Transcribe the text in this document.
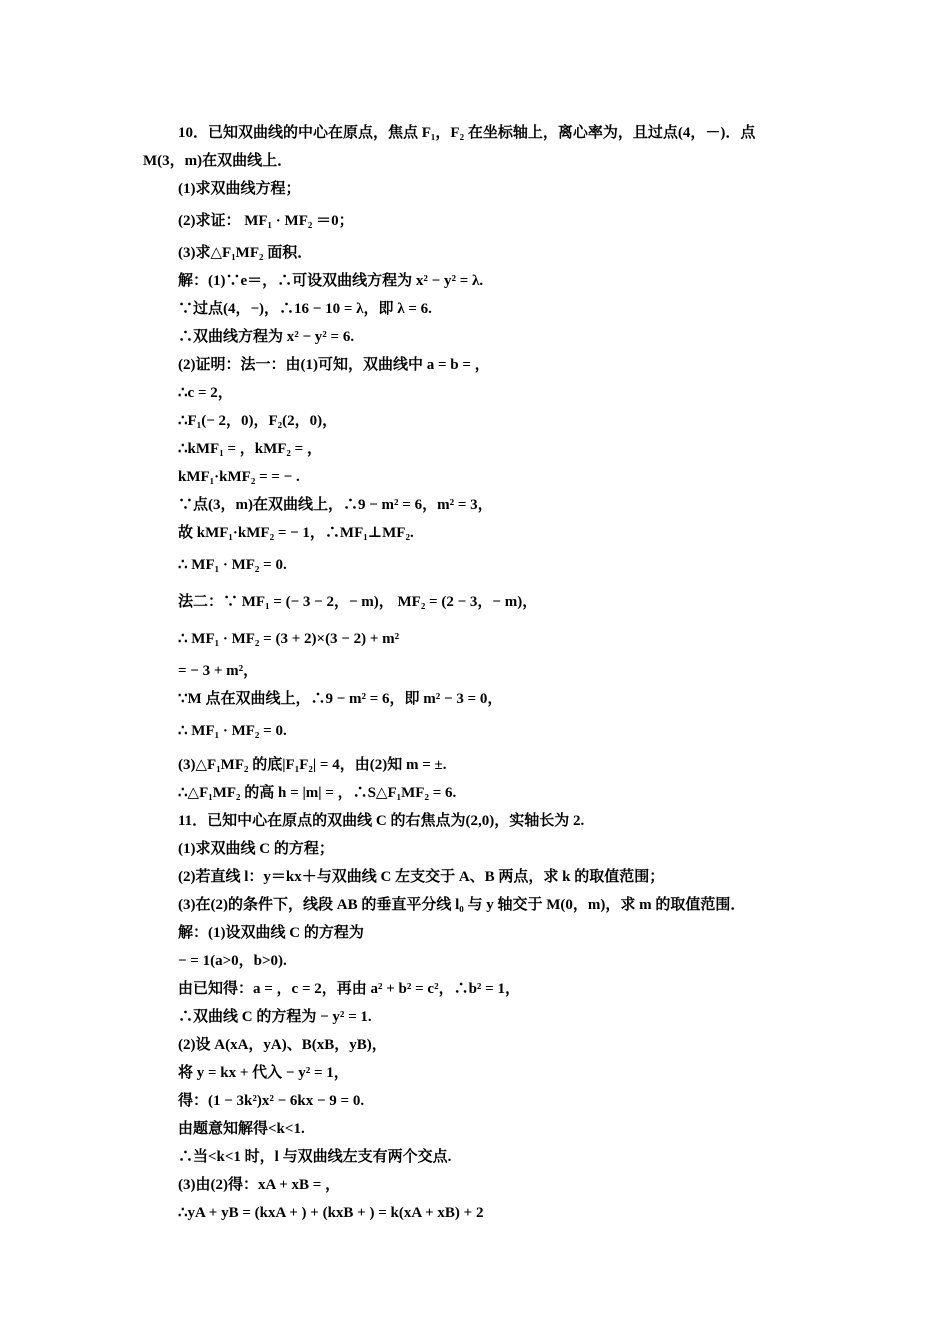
10．已知双曲线的中心在原点，焦点 F₁，F₂ 在坐标轴上，离心率为，且过点(4，－)．点
M(3，m)在双曲线上．
(1)求双曲线方程；
(2)求证： MF₁ · MF₂ ＝0；
(3)求△F₁MF₂ 面积．
解：(1)∵e＝，∴可设双曲线方程为 x² − y² = λ.
∵过点(4，−)，∴16 − 10 = λ，即 λ = 6.
∴双曲线方程为 x² − y² = 6.
(2)证明：法一：由(1)可知，双曲线中 a = b = ，
∴c = 2，
∴F₁(− 2，0)，F₂(2，0)，
∴kMF₁ = ，kMF₂ = ，
kMF₁·kMF₂ = = − .
∵点(3，m)在双曲线上，∴9 − m² = 6，m² = 3，
故 kMF₁·kMF₂ = − 1，∴MF₁⊥MF₂.
∴ MF₁ · MF₂ = 0.
法二：∵ MF₁ = (− 3 − 2，− m)， MF₂ = (2 − 3，− m)，
∴ MF₁ · MF₂ = (3 + 2)×(3 − 2) + m²
= − 3 + m²，
∵M 点在双曲线上，∴9 − m² = 6，即 m² − 3 = 0，
∴ MF₁ · MF₂ = 0.
(3)△F₁MF₂ 的底|F₁F₂| = 4，由(2)知 m = ±.
∴△F₁MF₂ 的高 h = |m| = ，∴S△F₁MF₂ = 6.
11．已知中心在原点的双曲线 C 的右焦点为(2,0)，实轴长为 2.
(1)求双曲线 C 的方程；
(2)若直线 l：y＝kx＋与双曲线 C 左支交于 A、B 两点，求 k 的取值范围；
(3)在(2)的条件下，线段 AB 的垂直平分线 l₀ 与 y 轴交于 M(0，m)，求 m 的取值范围．
解：(1)设双曲线 C 的方程为
− = 1(a>0，b>0).
由已知得：a = ，c = 2，再由 a² + b² = c²，∴b² = 1，
∴双曲线 C 的方程为 − y² = 1.
(2)设 A(xA，yA)、B(xB，yB)，
将 y = kx + 代入 − y² = 1，
得：(1 − 3k²)x² − 6kx − 9 = 0.
由题意知解得<k<1.
∴当<k<1 时，l 与双曲线左支有两个交点.
(3)由(2)得：xA + xB = ，
∴yA + yB = (kxA + ) + (kxB + ) = k(xA + xB) + 2
